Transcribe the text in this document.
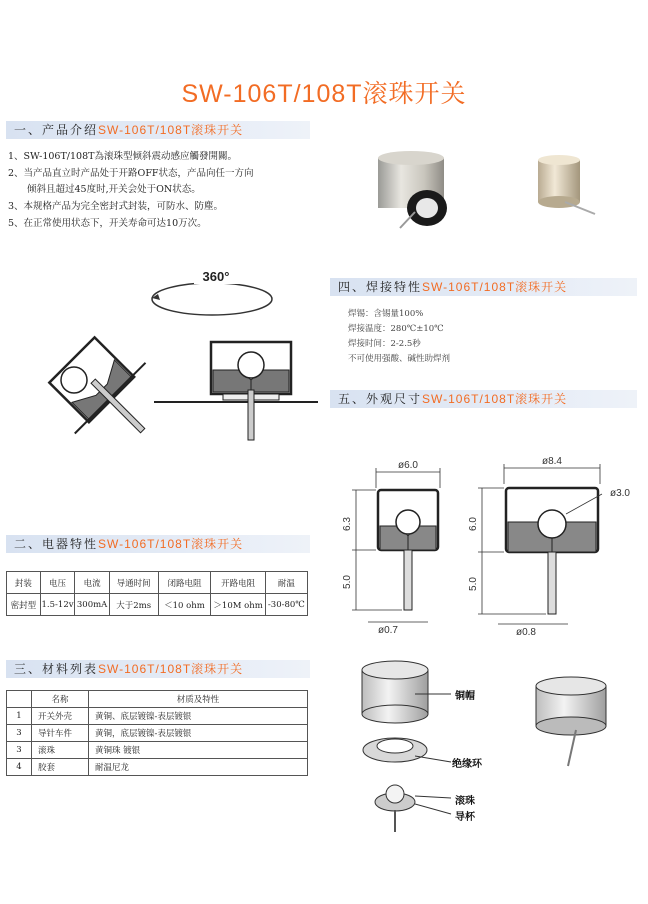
SW-106T/108T滚珠开关
一、产品介绍SW-106T/108T滚珠开关
1、SW-106T/108T為滚珠型倾斜震动感应觸發開關。
2、当产品直立时产品处于开路OFF状态，产品向任一方向
　　倾斜且超过45度时,开关会处于ON状态。
3、本规格产品为完全密封式封装，可防水、防塵。
5、在正常使用状态下，开关寿命可达10万次。
360°
四、焊接特性SW-106T/108T滚珠开关
焊锡：含锡量100%
焊接温度：280℃±10℃
焊接时间：2-2.5秒
不可使用强酸、碱性助焊剂
五、外观尺寸SW-106T/108T滚珠开关
ø6.0
6.3
5.0
ø0.7
ø8.4
ø3.0
6.0
5.0
ø0.8
二、电器特性SW-106T/108T滚珠开关
封装	电压	电流	导通时间	闭路电阻	开路电阻	耐温
密封型	1.5-12v	300mA	大于2ms	＜10 ohm	＞10M ohm	-30-80℃
三、材料列表SW-106T/108T滚珠开关
	名称	材质及特性
1	开关外壳	黄铜、底层镀镍-表层镀银
3	导针车件	黄铜，底层镀镍-表层镀银
3	滚珠	黄铜珠 镀银
4	胶套	耐温尼龙
铜帽
绝缘环
滚珠
导杯
